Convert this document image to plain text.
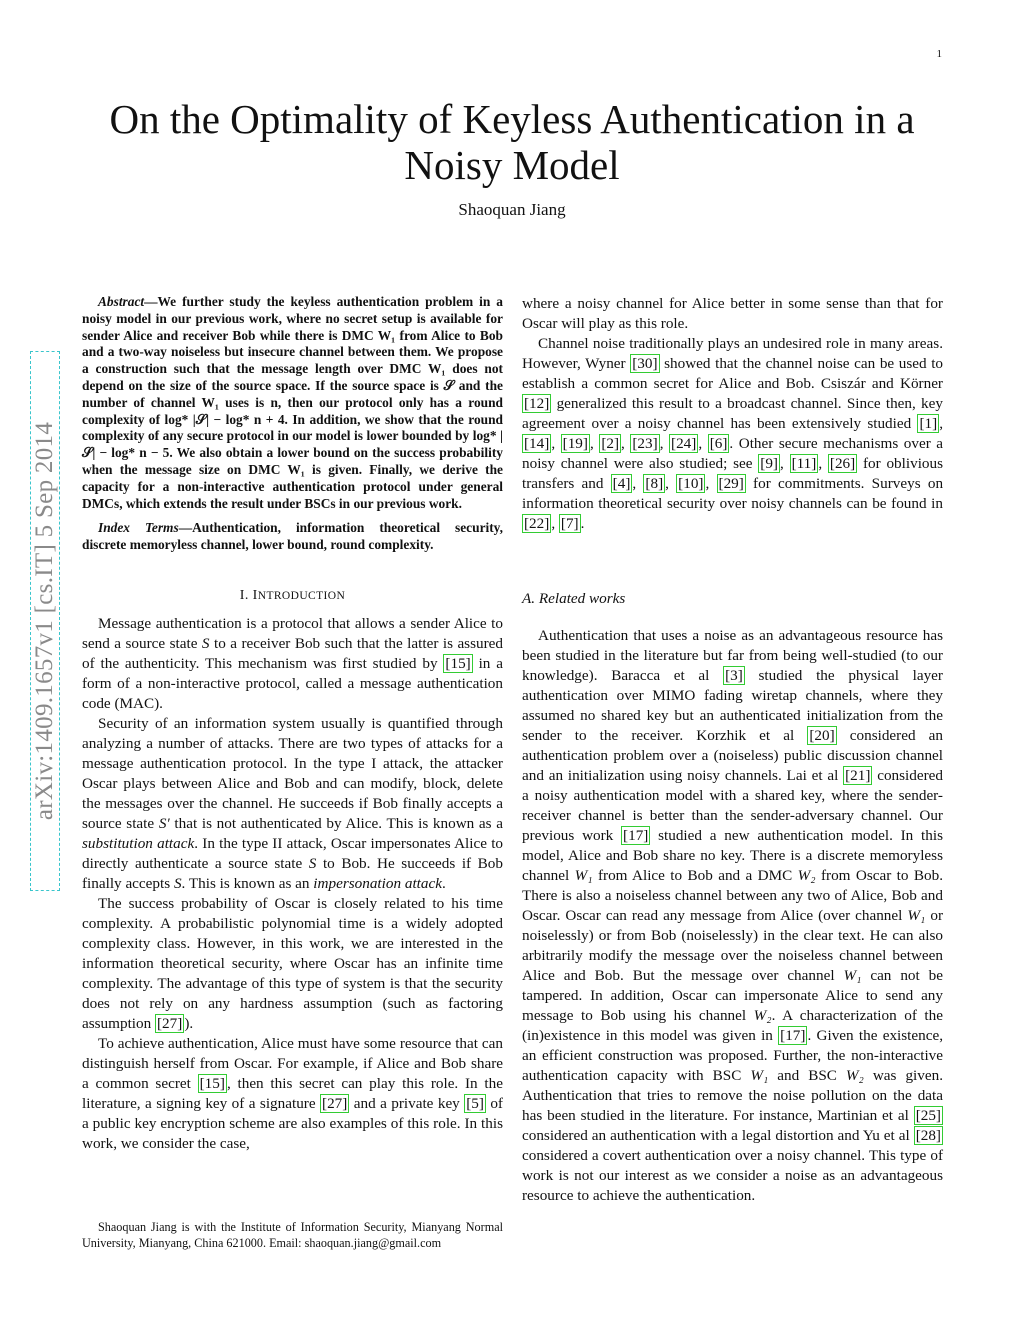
1
On the Optimality of Keyless Authentication in a Noisy Model
Shaoquan Jiang
arXiv:1409.1657v1 [cs.IT] 5 Sep 2014

Abstract—We further study the keyless authentication problem in a noisy model in our previous work, where no secret setup is available for sender Alice and receiver Bob while there is DMC W₁ from Alice to Bob and a two-way noiseless but insecure channel between them. We propose a construction such that the message length over DMC W₁ does not depend on the size of the source space. If the source space is 𝒮 and the number of channel W₁ uses is n, then our protocol only has a round complexity of log* |𝒮| − log* n + 4. In addition, we show that the round complexity of any secure protocol in our model is lower bounded by log* |𝒮| − log* n − 5. We also obtain a lower bound on the success probability when the message size on DMC W₁ is given. Finally, we derive the capacity for a non-interactive authentication protocol under general DMCs, which extends the result under BSCs in our previous work.

Index Terms—Authentication, information theoretical security, discrete memoryless channel, lower bound, round complexity.

I. INTRODUCTION

Message authentication is a protocol that allows a sender Alice to send a source state S to a receiver Bob such that the latter is assured of the authenticity. This mechanism was first studied by [15] in a form of a non-interactive protocol, called a message authentication code (MAC).

Security of an information system usually is quantified through analyzing a number of attacks. There are two types of attacks for a message authentication protocol. In the type I attack, the attacker Oscar plays between Alice and Bob and can modify, block, delete the messages over the channel. He succeeds if Bob finally accepts a source state S′ that is not authenticated by Alice. This is known as a substitution attack. In the type II attack, Oscar impersonates Alice to directly authenticate a source state S to Bob. He succeeds if Bob finally accepts S. This is known as an impersonation attack.

The success probability of Oscar is closely related to his time complexity. A probabilistic polynomial time is a widely adopted complexity class. However, in this work, we are interested in the information theoretical security, where Oscar has an infinite time complexity. The advantage of this type of system is that the security does not rely on any hardness assumption (such as factoring assumption [27] ).

To achieve authentication, Alice must have some resource that can distinguish herself from Oscar. For example, if Alice and Bob share a common secret [15] , then this secret can play this role. In the literature, a signing key of a signature [27] and a private key [5] of a public key encryption scheme are also examples of this role. In this work, we consider the case,

Shaoquan Jiang is with the Institute of Information Security, Mianyang Normal University, Mianyang, China 621000. Email: shaoquan.jiang@gmail.com

where a noisy channel for Alice better in some sense than that for Oscar will play as this role.

Channel noise traditionally plays an undesired role in many areas. However, Wyner [30] showed that the channel noise can be used to establish a common secret for Alice and Bob. Csiszár and Körner [12] generalized this result to a broadcast channel. Since then, key agreement over a noisy channel has been extensively studied [1] , [14] , [19] , [2] , [23] , [24] , [6] . Other secure mechanisms over a noisy channel were also studied; see [9] , [11] , [26] for oblivious transfers and [4] , [8] , [10] , [29] for commitments. Surveys on information theoretical security over noisy channels can be found in [22] , [7] .

A. Related works

Authentication that uses a noise as an advantageous resource has been studied in the literature but far from being well-studied (to our knowledge). Baracca et al [3] studied the physical layer authentication over MIMO fading wiretap channels, where they assumed no shared key but an authenticated initialization from the sender to the receiver. Korzhik et al [20] considered an authentication problem over a (noiseless) public discussion channel and an initialization using noisy channels. Lai et al [21] considered a noisy authentication model with a shared key, where the sender-receiver channel is better than the sender-adversary channel. Our previous work [17] studied a new authentication model. In this model, Alice and Bob share no key. There is a discrete memoryless channel W₁ from Alice to Bob and a DMC W₂ from Oscar to Bob. There is also a noiseless channel between any two of Alice, Bob and Oscar. Oscar can read any message from Alice (over channel W₁ or noiselessly) or from Bob (noiselessly) in the clear text. He can also arbitrarily modify the message over the noiseless channel between Alice and Bob. But the message over channel W₁ can not be tampered. In addition, Oscar can impersonate Alice to send any message to Bob using his channel W₂. A characterization of the (in)existence in this model was given in [17] . Given the existence, an efficient construction was proposed. Further, the non-interactive authentication capacity with BSC W₁ and BSC W₂ was given. Authentication that tries to remove the noise pollution on the data has been studied in the literature. For instance, Martinian et al [25] considered an authentication with a legal distortion and Yu et al [28] considered a covert authentication over a noisy channel. This type of work is not our interest as we consider a noise as an advantageous resource to achieve the authentication.
